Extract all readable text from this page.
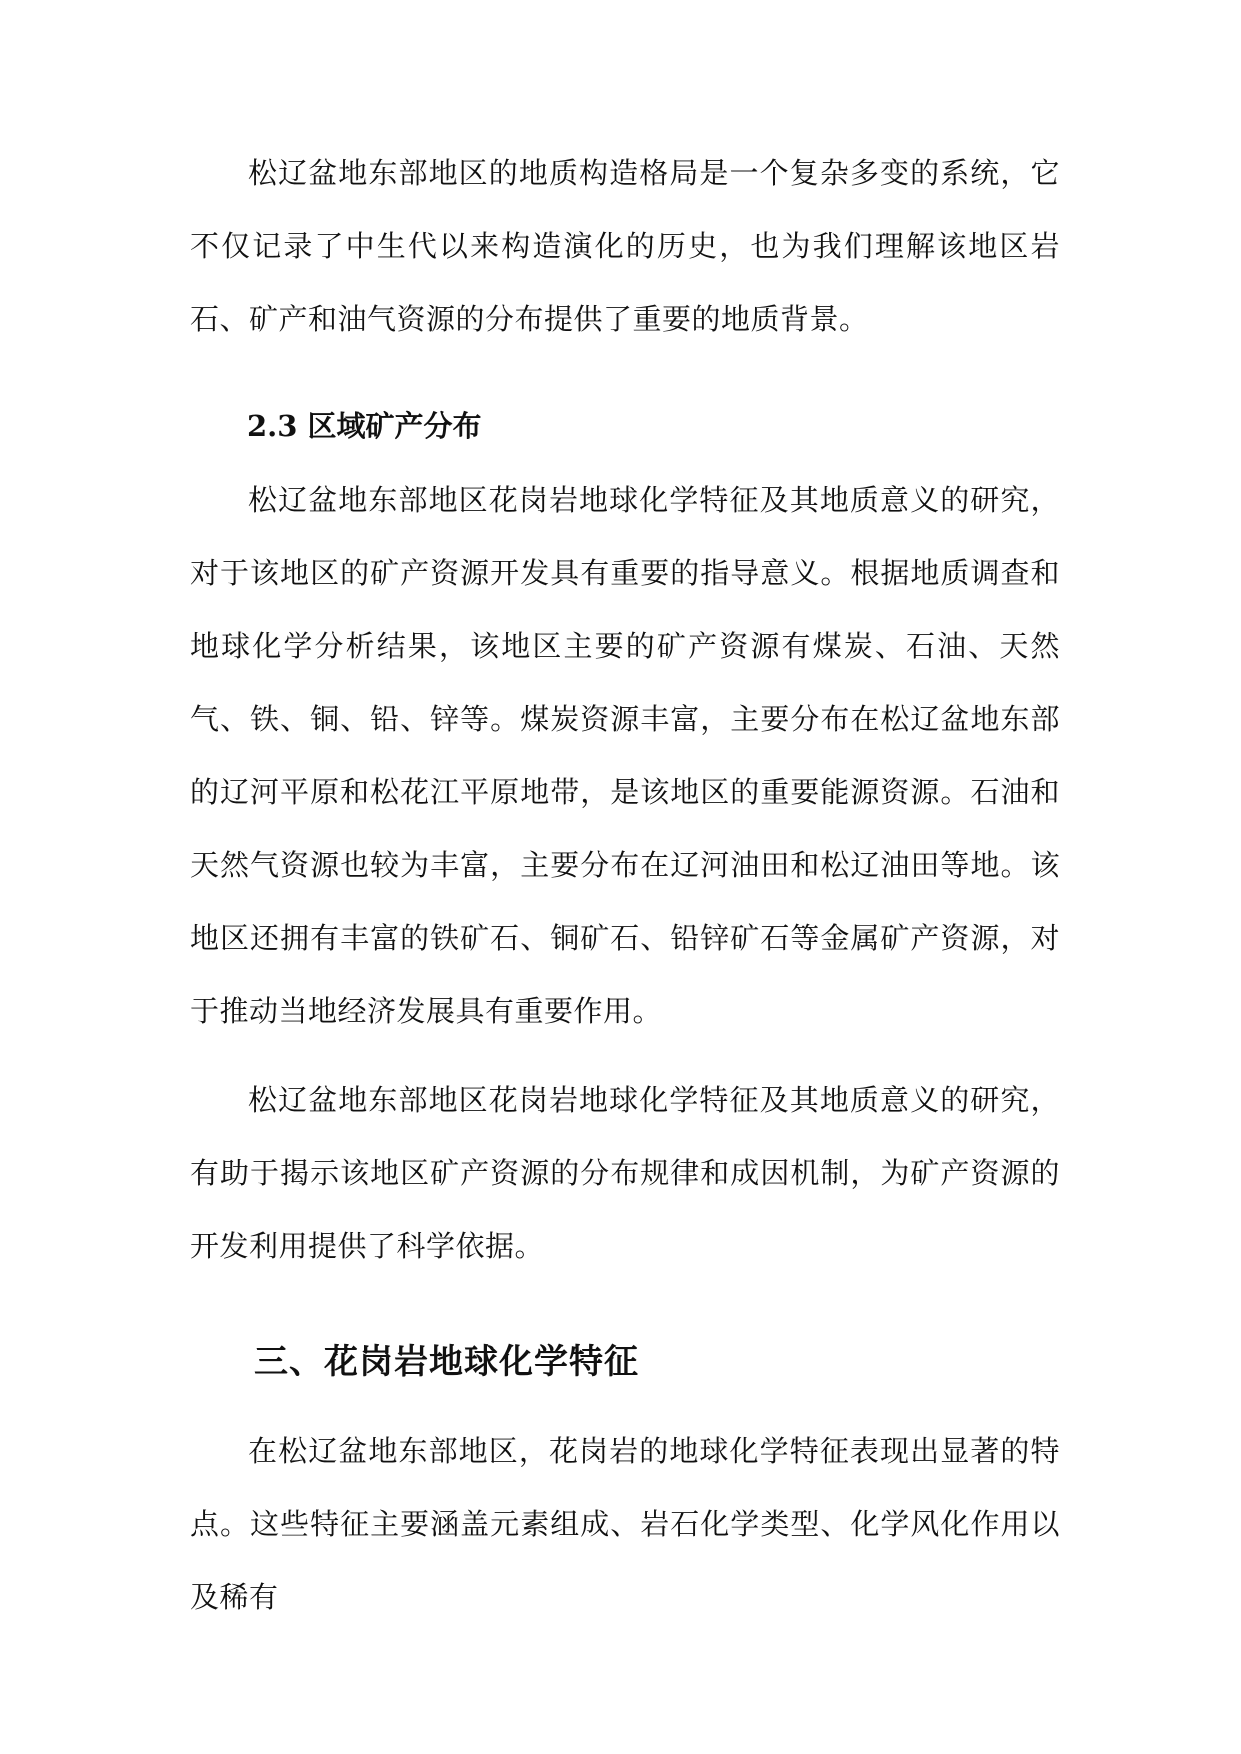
松辽盆地东部地区的地质构造格局是一个复杂多变的系统，它不仅记录了中生代以来构造演化的历史，也为我们理解该地区岩石、矿产和油气资源的分布提供了重要的地质背景。

2.3 区域矿产分布

松辽盆地东部地区花岗岩地球化学特征及其地质意义的研究，对于该地区的矿产资源开发具有重要的指导意义。根据地质调查和地球化学分析结果，该地区主要的矿产资源有煤炭、石油、天然气、铁、铜、铅、锌等。煤炭资源丰富，主要分布在松辽盆地东部的辽河平原和松花江平原地带，是该地区的重要能源资源。石油和天然气资源也较为丰富，主要分布在辽河油田和松辽油田等地。该地区还拥有丰富的铁矿石、铜矿石、铅锌矿石等金属矿产资源，对于推动当地经济发展具有重要作用。

松辽盆地东部地区花岗岩地球化学特征及其地质意义的研究，有助于揭示该地区矿产资源的分布规律和成因机制，为矿产资源的开发利用提供了科学依据。

三、花岗岩地球化学特征

在松辽盆地东部地区，花岗岩的地球化学特征表现出显著的特点。这些特征主要涵盖元素组成、岩石化学类型、化学风化作用以及稀有
